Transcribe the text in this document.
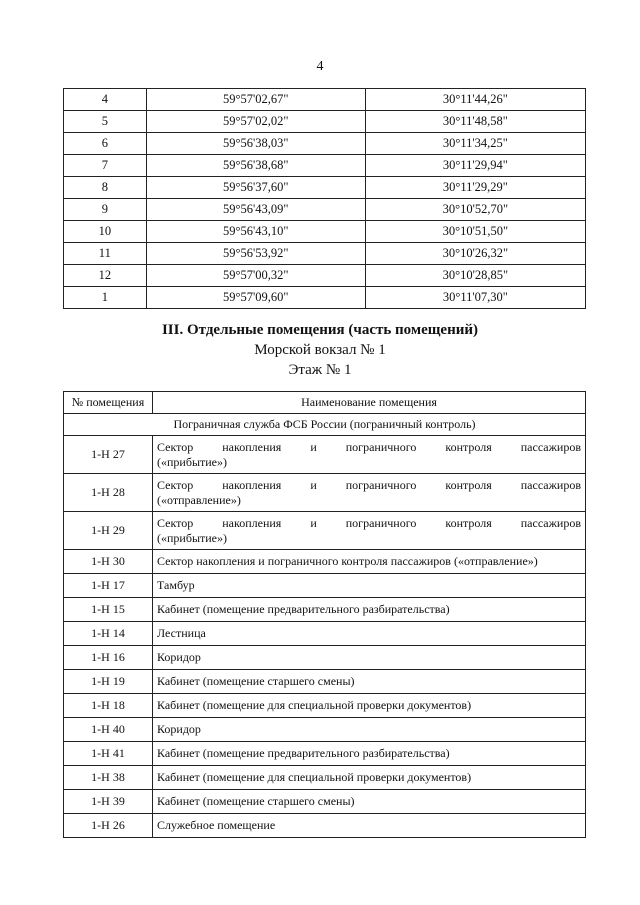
4
4	59°57'02,67"	30°11'44,26"
5	59°57'02,02"	30°11'48,58"
6	59°56'38,03"	30°11'34,25"
7	59°56'38,68"	30°11'29,94"
8	59°56'37,60"	30°11'29,29"
9	59°56'43,09"	30°10'52,70"
10	59°56'43,10"	30°10'51,50"
11	59°56'53,92"	30°10'26,32"
12	59°57'00,32"	30°10'28,85"
1	59°57'09,60"	30°11'07,30"
III. Отдельные помещения (часть помещений)
Морской вокзал № 1
Этаж № 1
№ помещения	Наименование помещения
Пограничная служба ФСБ России (пограничный контроль)	
1-Н 27	Сектор накопления и пограничного контроля пассажиров
(«прибытие»)

1-Н 28	Сектор накопления и пограничного контроля пассажиров
(«отправление»)

1-Н 29	Сектор накопления и пограничного контроля пассажиров
(«прибытие»)

1-Н 30	Сектор накопления и пограничного контроля пассажиров («отправление»)
1-Н 17	Тамбур
1-Н 15	Кабинет (помещение предварительного разбирательства)
1-Н 14	Лестница
1-Н 16	Коридор
1-Н 19	Кабинет (помещение старшего смены)
1-Н 18	Кабинет (помещение для специальной проверки документов)
1-Н 40	Коридор
1-Н 41	Кабинет (помещение предварительного разбирательства)
1-Н 38	Кабинет (помещение для специальной проверки документов)
1-Н 39	Кабинет (помещение старшего смены)
1-Н 26	Служебное помещение
